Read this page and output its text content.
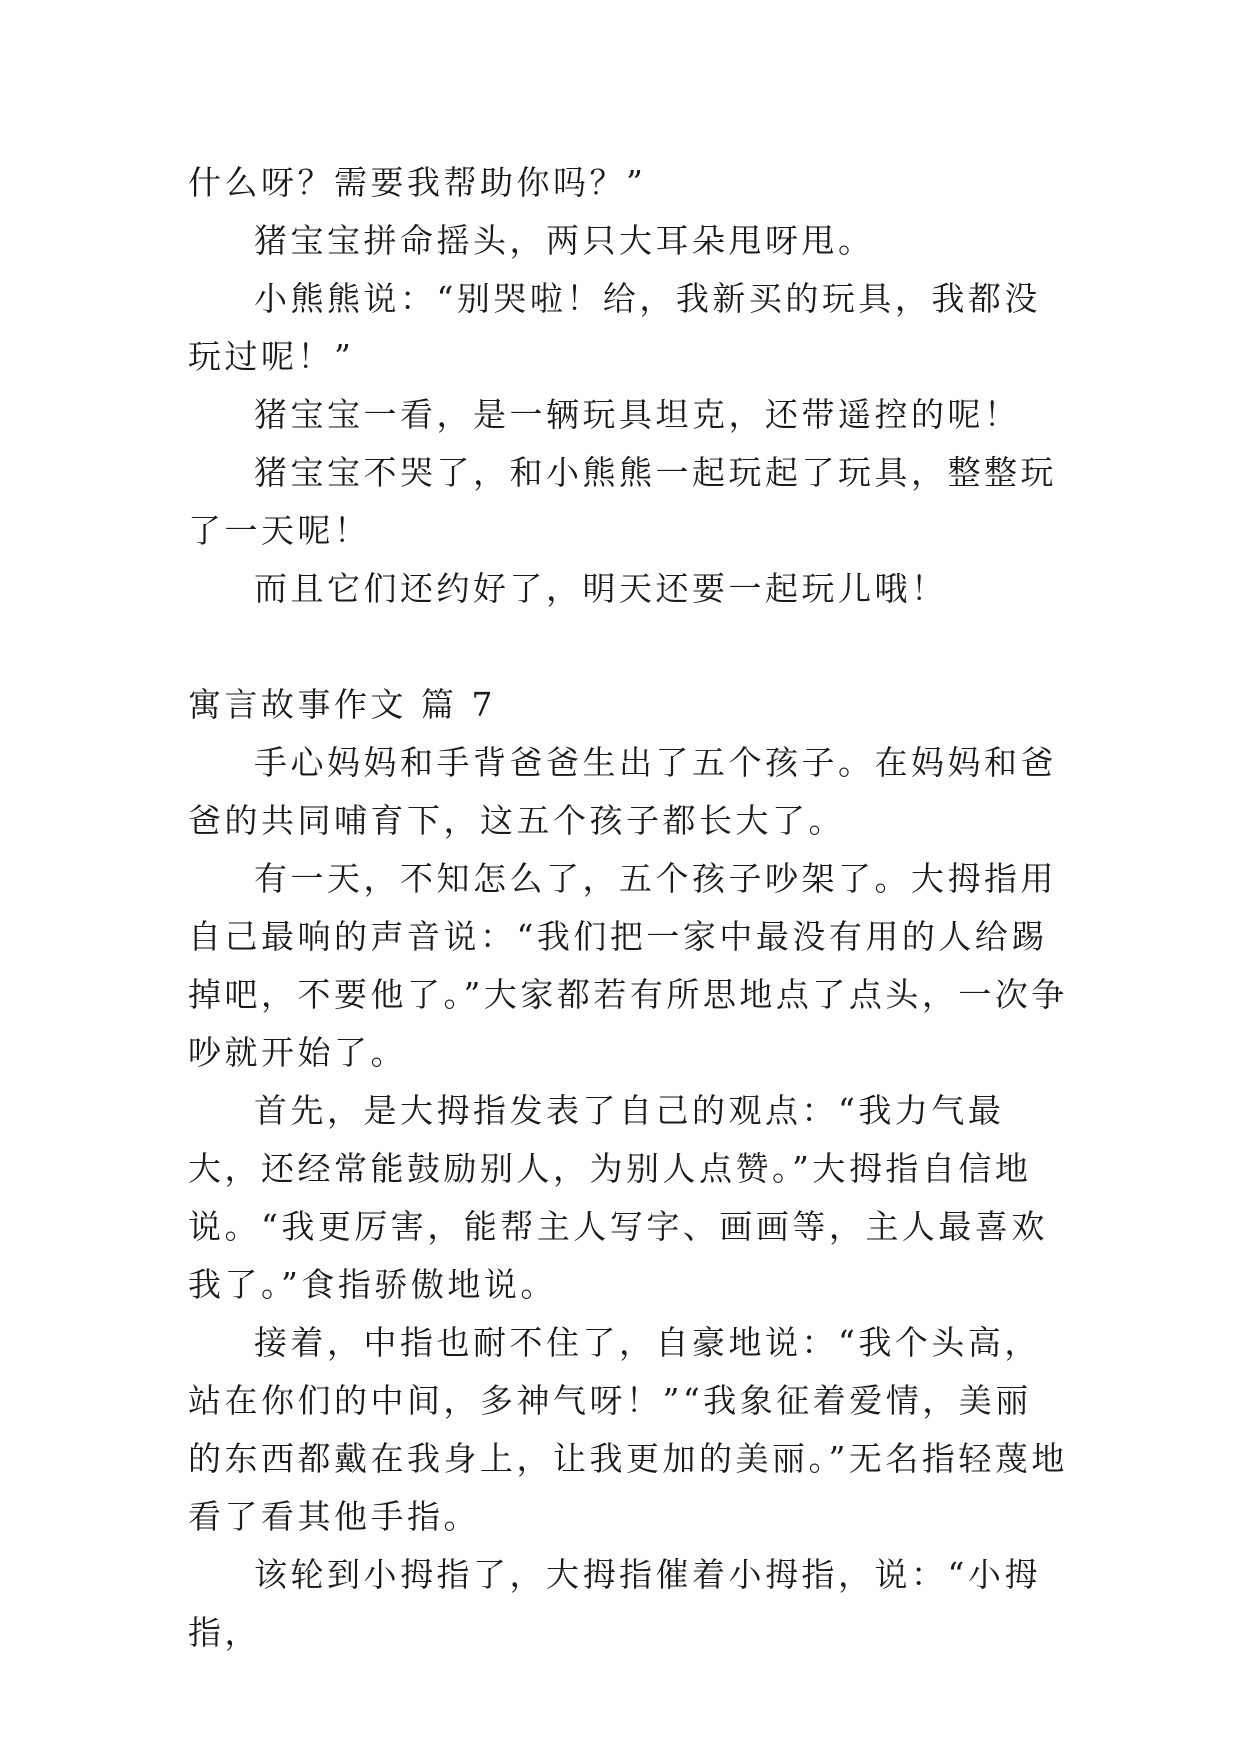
什么呀？需要我帮助你吗？”

猪宝宝拼命摇头，两只大耳朵甩呀甩。

小熊熊说：“别哭啦！给，我新买的玩具，我都没玩过呢！”

猪宝宝一看，是一辆玩具坦克，还带遥控的呢！

猪宝宝不哭了，和小熊熊一起玩起了玩具，整整玩了一天呢！

而且它们还约好了，明天还要一起玩儿哦！

寓言故事作文 篇 7

手心妈妈和手背爸爸生出了五个孩子。在妈妈和爸爸的共同哺育下，这五个孩子都长大了。

有一天，不知怎么了，五个孩子吵架了。大拇指用自己最响的声音说：“我们把一家中最没有用的人给踢掉吧，不要他了。”大家都若有所思地点了点头，一次争吵就开始了。

首先，是大拇指发表了自己的观点：“我力气最大，还经常能鼓励别人，为别人点赞。”大拇指自信地说。“我更厉害，能帮主人写字、画画等，主人最喜欢我了。”食指骄傲地说。

接着，中指也耐不住了，自豪地说：“我个头高，站在你们的中间，多神气呀！”“我象征着爱情，美丽的东西都戴在我身上，让我更加的美丽。”无名指轻蔑地看了看其他手指。

该轮到小拇指了，大拇指催着小拇指，说：“小拇指，
